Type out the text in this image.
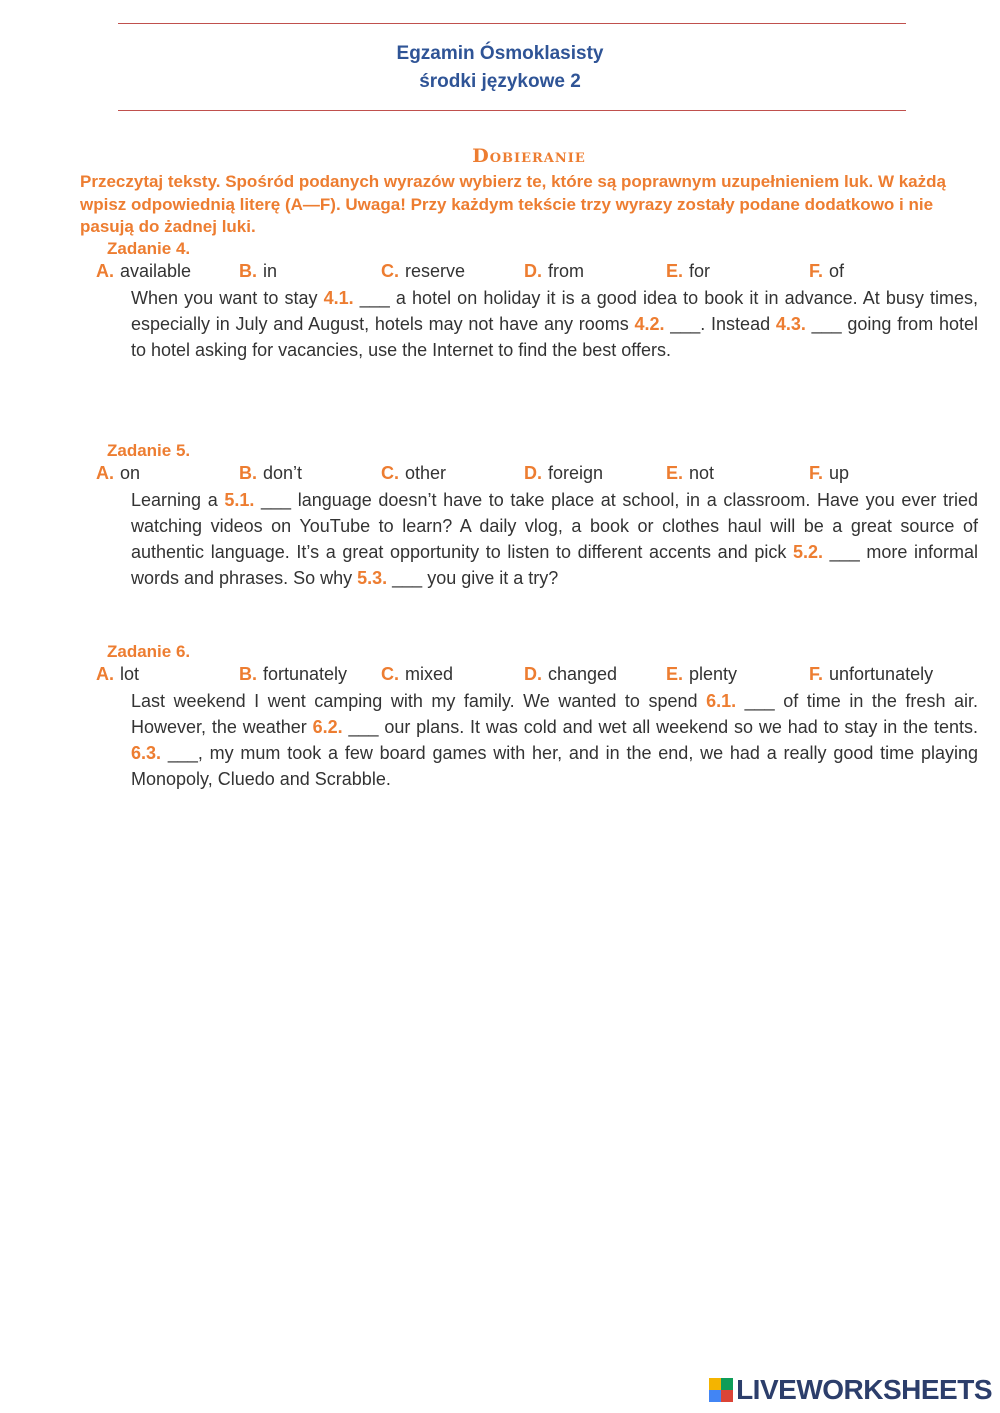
Egzamin Ósmoklasisty
środki językowe 2
Dobieranie
Przeczytaj teksty. Spośród podanych wyrazów wybierz te, które są poprawnym uzupełnieniem luk. W każdą wpisz odpowiednią literę (A—F). Uwaga! Przy każdym tekście trzy wyrazy zostały podane dodatkowo i nie pasują do żadnej luki.
Zadanie 4.
A. available	B. in	C. reserve	D. from	E. for	F. of
When you want to stay 4.1. ___ a hotel on holiday it is a good idea to book it in advance. At busy times, especially in July and August, hotels may not have any rooms 4.2. ___. Instead 4.3. ___ going from hotel to hotel asking for vacancies, use the Internet to find the best offers.
Zadanie 5.
A. on	B. don’t	C. other	D. foreign	E. not	F. up
Learning a 5.1. ___ language doesn’t have to take place at school, in a classroom. Have you ever tried watching videos on YouTube to learn? A daily vlog, a book or clothes haul will be a great source of authentic language. It’s a great opportunity to listen to different accents and pick 5.2. ___ more informal words and phrases. So why 5.3. ___ you give it a try?
Zadanie 6.
A. lot	B. fortunately C. mixed	D. changed	E. plenty	F. unfortunately
Last weekend I went camping with my family. We wanted to spend 6.1. ___ of time in the fresh air. However, the weather 6.2. ___ our plans. It was cold and wet all weekend so we had to stay in the tents. 6.3. ___, my mum took a few board games with her, and in the end, we had a really good time playing Monopoly, Cluedo and Scrabble.
LIVEWORKSHEETS
